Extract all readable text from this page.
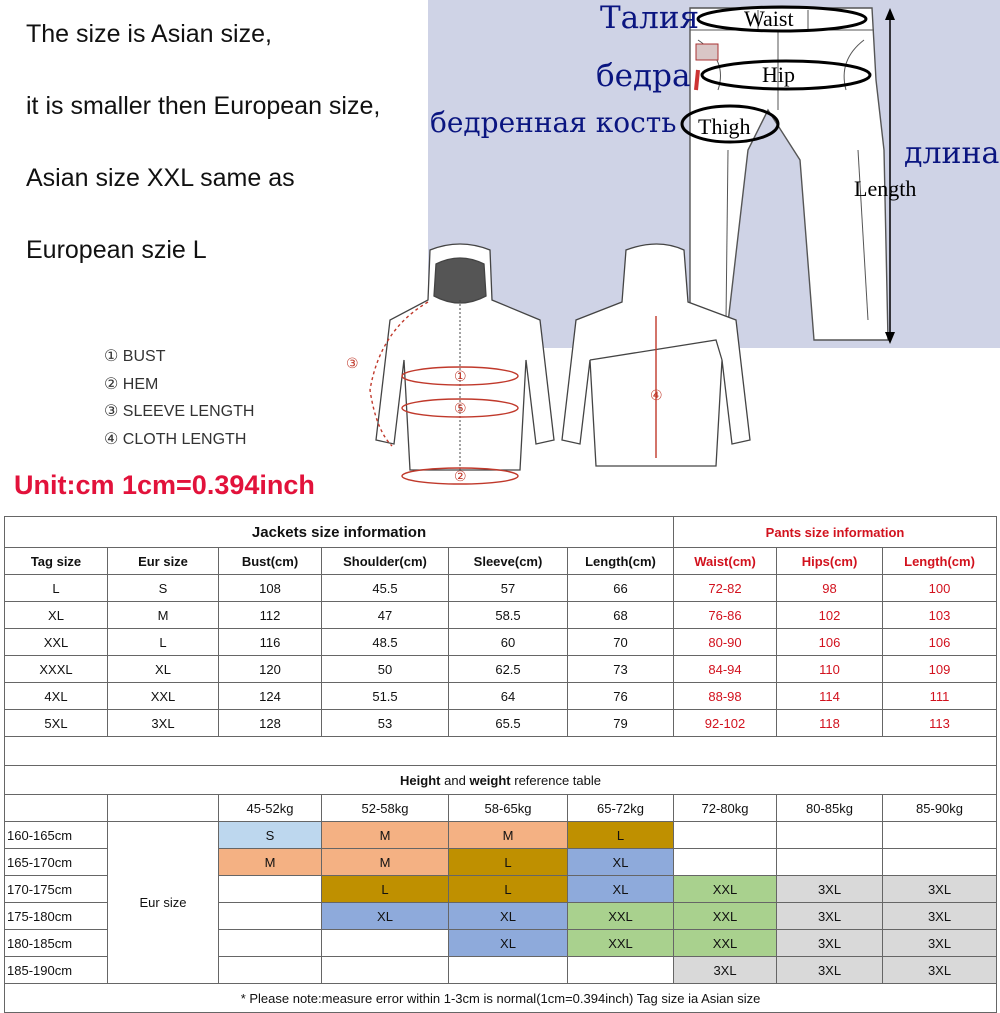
The size is Asian size,
it is smaller then European size,
Asian size XXL same as
European szie L
Талия
бедра
бедренная кость
длина
Waist
Hip
Thigh
Length
①
⑤
②
③
④
① BUST
② HEM
③ SLEEVE LENGTH
④ CLOTH LENGTH
Unit:cm 1cm=0.394inch
Jackets size information						Pants size information		
Tag size	Eur size	Bust(cm)	Shoulder(cm)	Sleeve(cm)	Length(cm)	Waist(cm)	Hips(cm)	Length(cm)
L	S	108	45.5	57	66	72-82	98	100
XL	M	112	47	58.5	68	76-86	102	103
XXL	L	116	48.5	60	70	80-90	106	106
XXXL	XL	120	50	62.5	73	84-94	110	109
4XL	XXL	124	51.5	64	76	88-98	114	111
5XL	3XL	128	53	65.5	79	92-102	118	113

Height and weight reference table								
		45-52kg	52-58kg	58-65kg	65-72kg	72-80kg	80-85kg	85-90kg
160-165cm	Eur size	S	M	M	L			
165-170cm		M	M	L	XL			
170-175cm			L	L	XL	XXL	3XL	3XL
175-180cm			XL	XL	XXL	XXL	3XL	3XL
180-185cm				XL	XXL	XXL	3XL	3XL
185-190cm						3XL	3XL	3XL
* Please note:measure error within 1-3cm is normal(1cm=0.394inch) Tag size ia Asian size								
